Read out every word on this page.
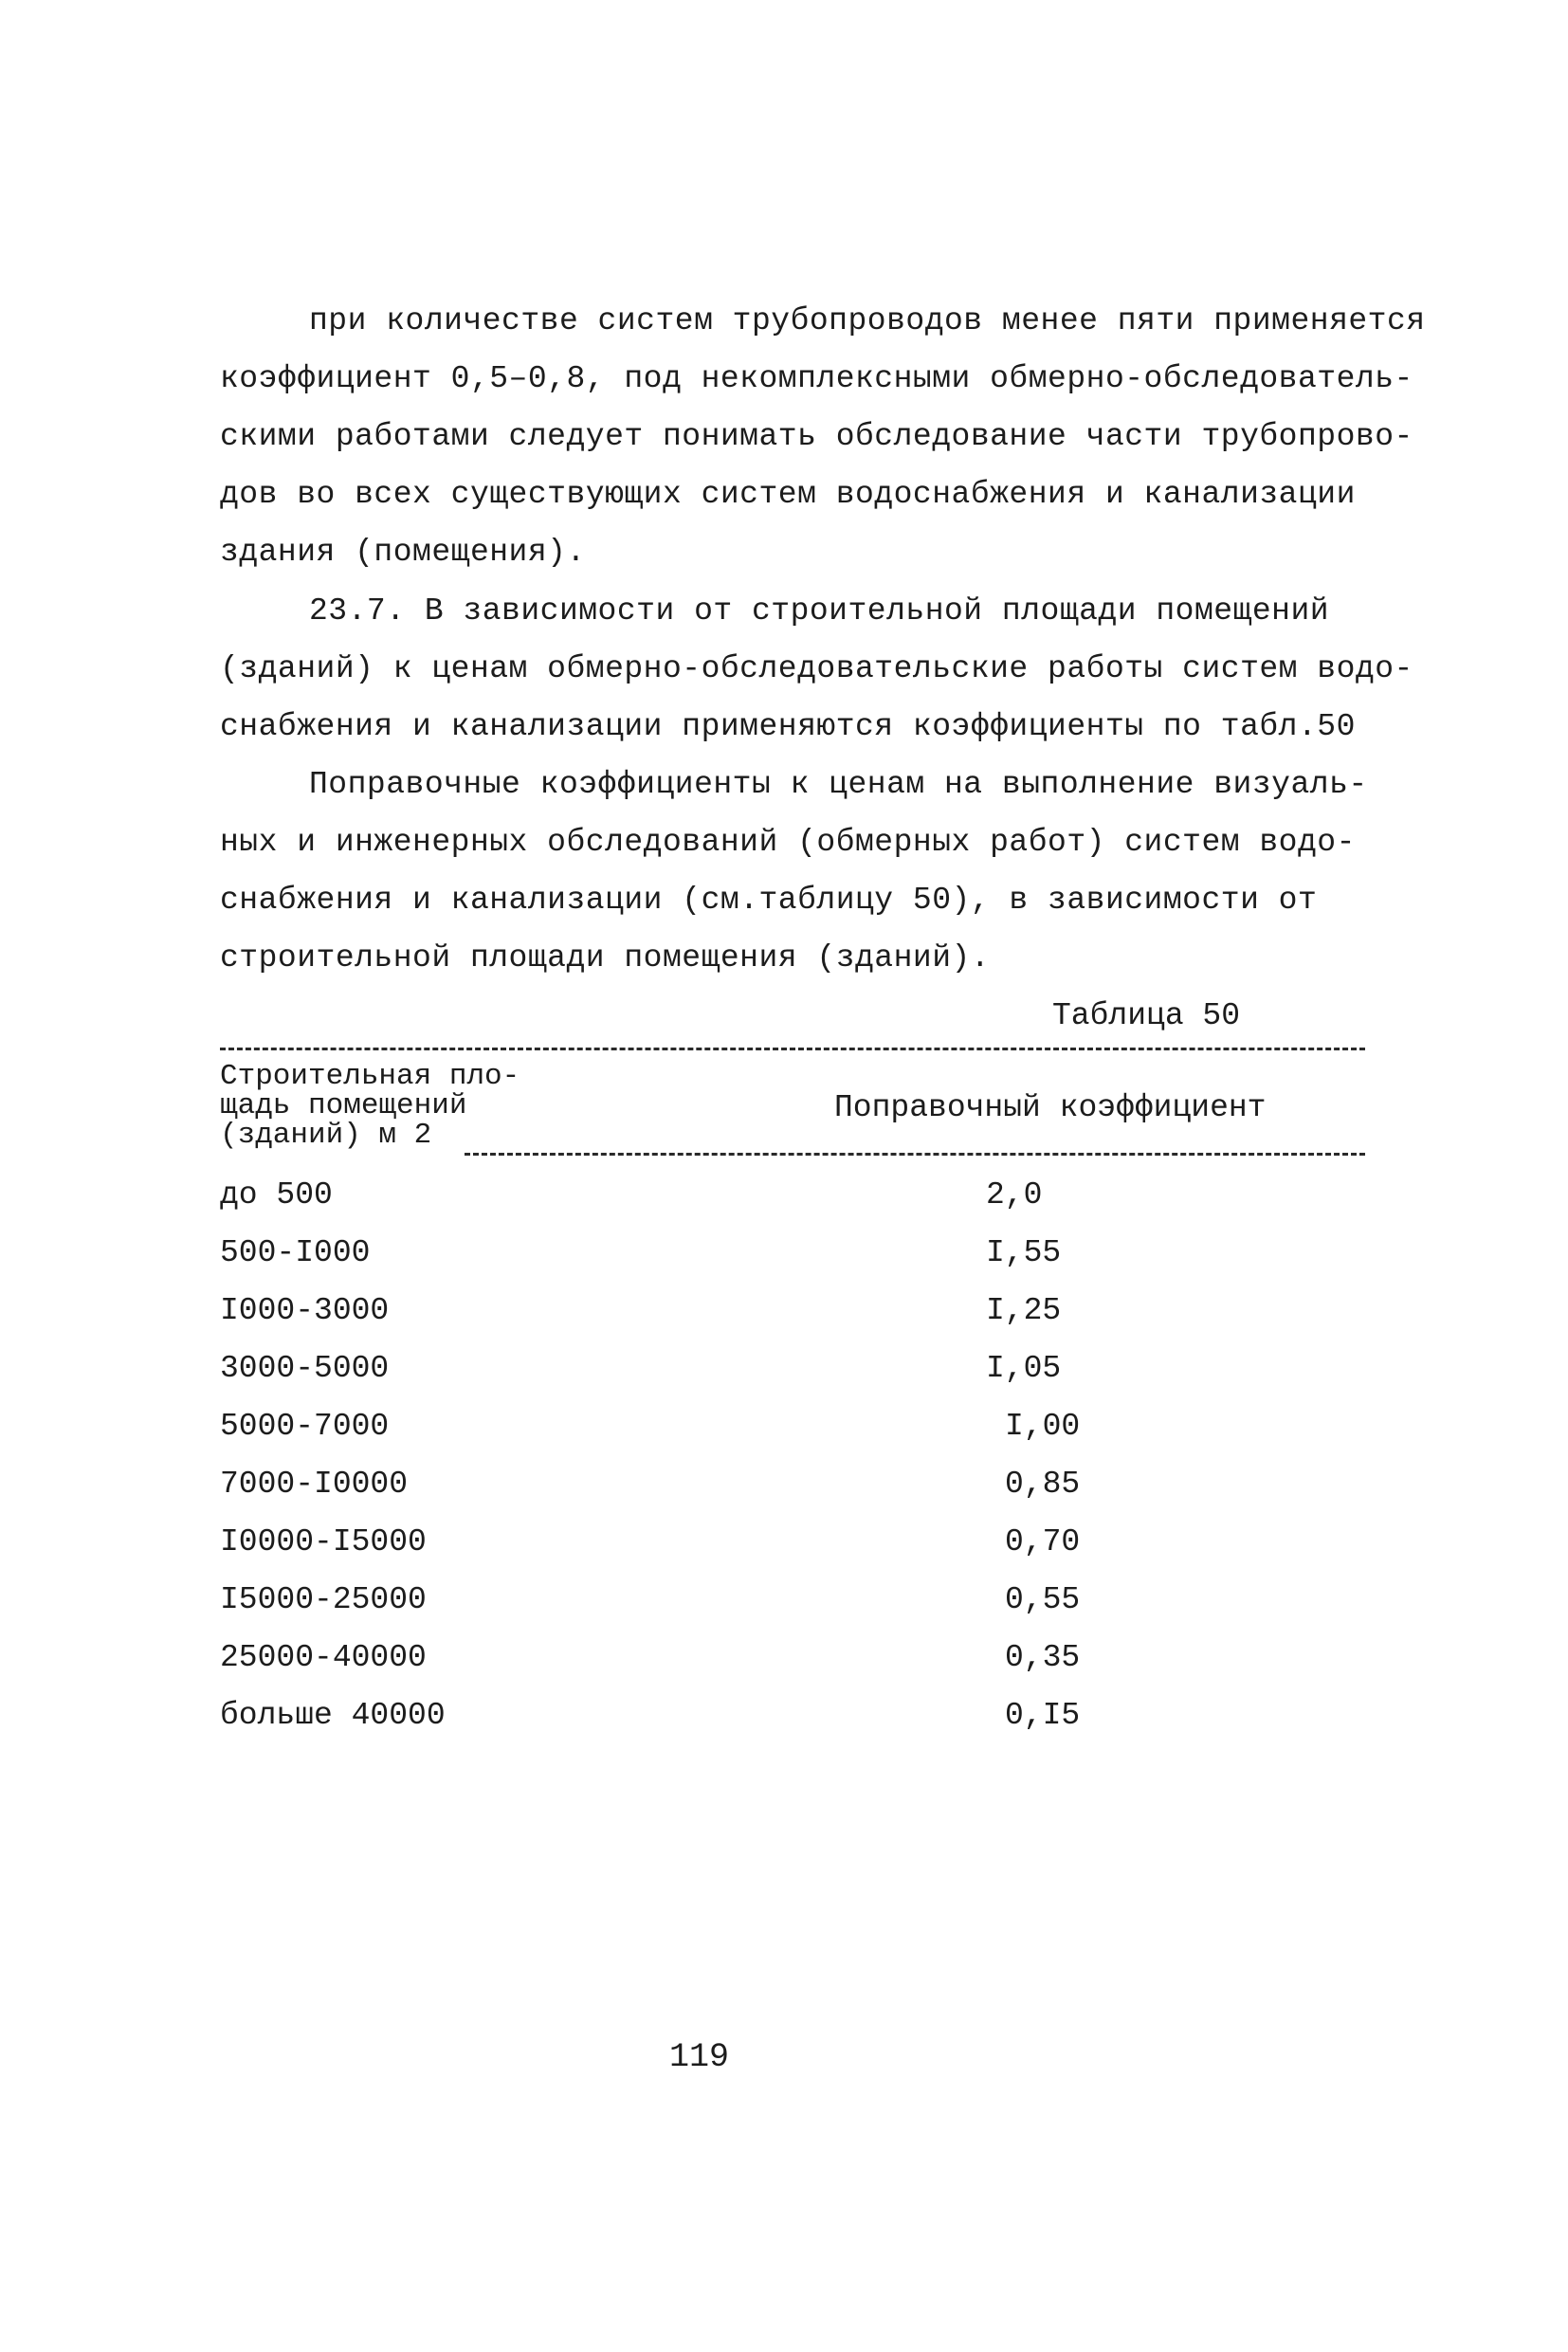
при количестве систем трубопроводов менее пяти применяется
коэффициент 0,5–0,8, под некомплексными обмерно-обследователь-
скими работами следует понимать обследование части трубопрово-
дов во всех существующих систем водоснабжения и канализации
здания (помещения).

23.7. В зависимости от строительной площади помещений
(зданий) к ценам обмерно-обследовательские работы систем водо-
снабжения и канализации применяются коэффициенты по табл.50

Поправочные коэффициенты к ценам на выполнение визуаль-
ных и инженерных обследований (обмерных работ) систем водо-
снабжения и канализации (см.таблицу 50), в зависимости от
строительной площади помещения (зданий).

Таблица 50
Строительная пло-
щадь помещений
(зданий) м 2
Поправочный коэффициент
до 500	2,0
500-I000	I,55
I000-3000	I,25
3000-5000	I,05
5000-7000	I,00
7000-I0000	0,85
I0000-I5000	0,70
I5000-25000	0,55
25000-40000	0,35
больше 40000	0,I5
119
